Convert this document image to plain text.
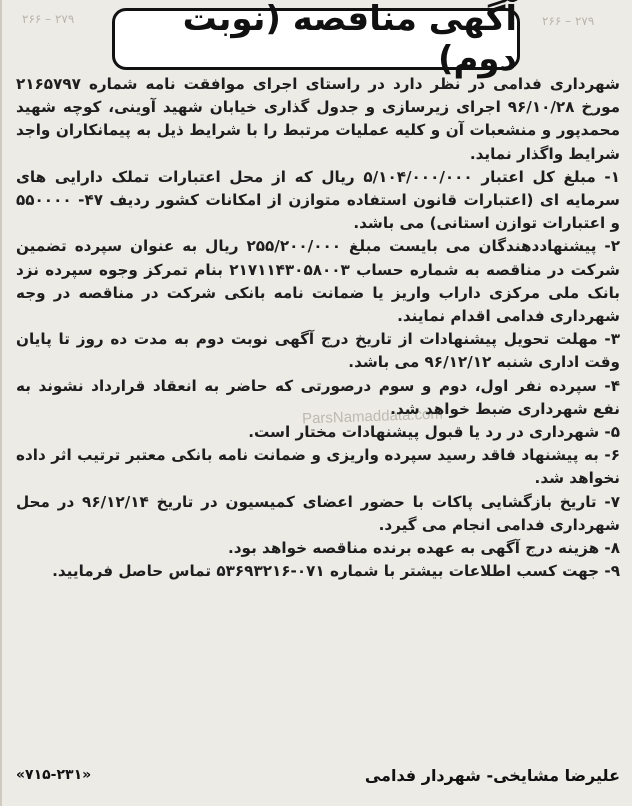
۲۷۹ – ۲۶۶	۲۷۹ – ۲۶۶
آگهی مناقصه (نوبت دوم)
ParsNamaddata.com

شهرداری فدامی در نظر دارد در راستای اجرای موافقت نامه شماره ۲۱۶۵۷۹۷ مورخ ۹۶/۱۰/۲۸ اجرای زیرسازی و جدول گذاری خیابان شهید آوینی، کوچه شهید محمدپور و منشعبات آن و کلیه عملیات مرتبط را با شرایط ذیل به پیمانکاران واجد شرایط واگذار نماید.

۱- مبلغ کل اعتبار ۵/۱۰۴/۰۰۰/۰۰۰ ریال که از محل اعتبارات تملک دارایی های سرمایه ای (اعتبارات قانون استفاده متوازن از امکانات کشور ردیف ۴۷- ۵۵۰۰۰۰ و اعتبارات توازن استانی) می باشد.

۲- پیشنهاددهندگان می بایست مبلغ ۲۵۵/۲۰۰/۰۰۰ ریال به عنوان سپرده تضمین شرکت در مناقصه به شماره حساب ۲۱۷۱۱۴۳۰۵۸۰۰۳ بنام تمرکز وجوه سپرده نزد بانک ملی مرکزی داراب واریز یا ضمانت نامه بانکی شرکت در مناقصه در وجه شهرداری فدامی اقدام نمایند.

۳- مهلت تحویل پیشنهادات از تاریخ درج آگهی نوبت دوم به مدت ده روز تا پایان وقت اداری شنبه ۹۶/۱۲/۱۲ می باشد.

۴- سپرده نفر اول، دوم و سوم درصورتی که حاضر به انعقاد قرارداد نشوند به نفع شهرداری ضبط خواهد شد.

۵- شهرداری در رد یا قبول پیشنهادات مختار است.

۶- به پیشنهاد فاقد رسید سپرده واریزی و ضمانت نامه بانکی معتبر ترتیب اثر داده نخواهد شد.

۷- تاریخ بازگشایی پاکات با حضور اعضای کمیسیون در تاریخ ۹۶/۱۲/۱۴ در محل شهرداری فدامی انجام می گیرد.

۸- هزینه درج آگهی به عهده برنده مناقصه خواهد بود.

۹- جهت کسب اطلاعات بیشتر با شماره ۰۷۱-۵۳۶۹۳۲۱۶ تماس حاصل فرمایید.

«۷۱۵-۲۳۱»	علیرضا مشایخی- شهردار فدامی
